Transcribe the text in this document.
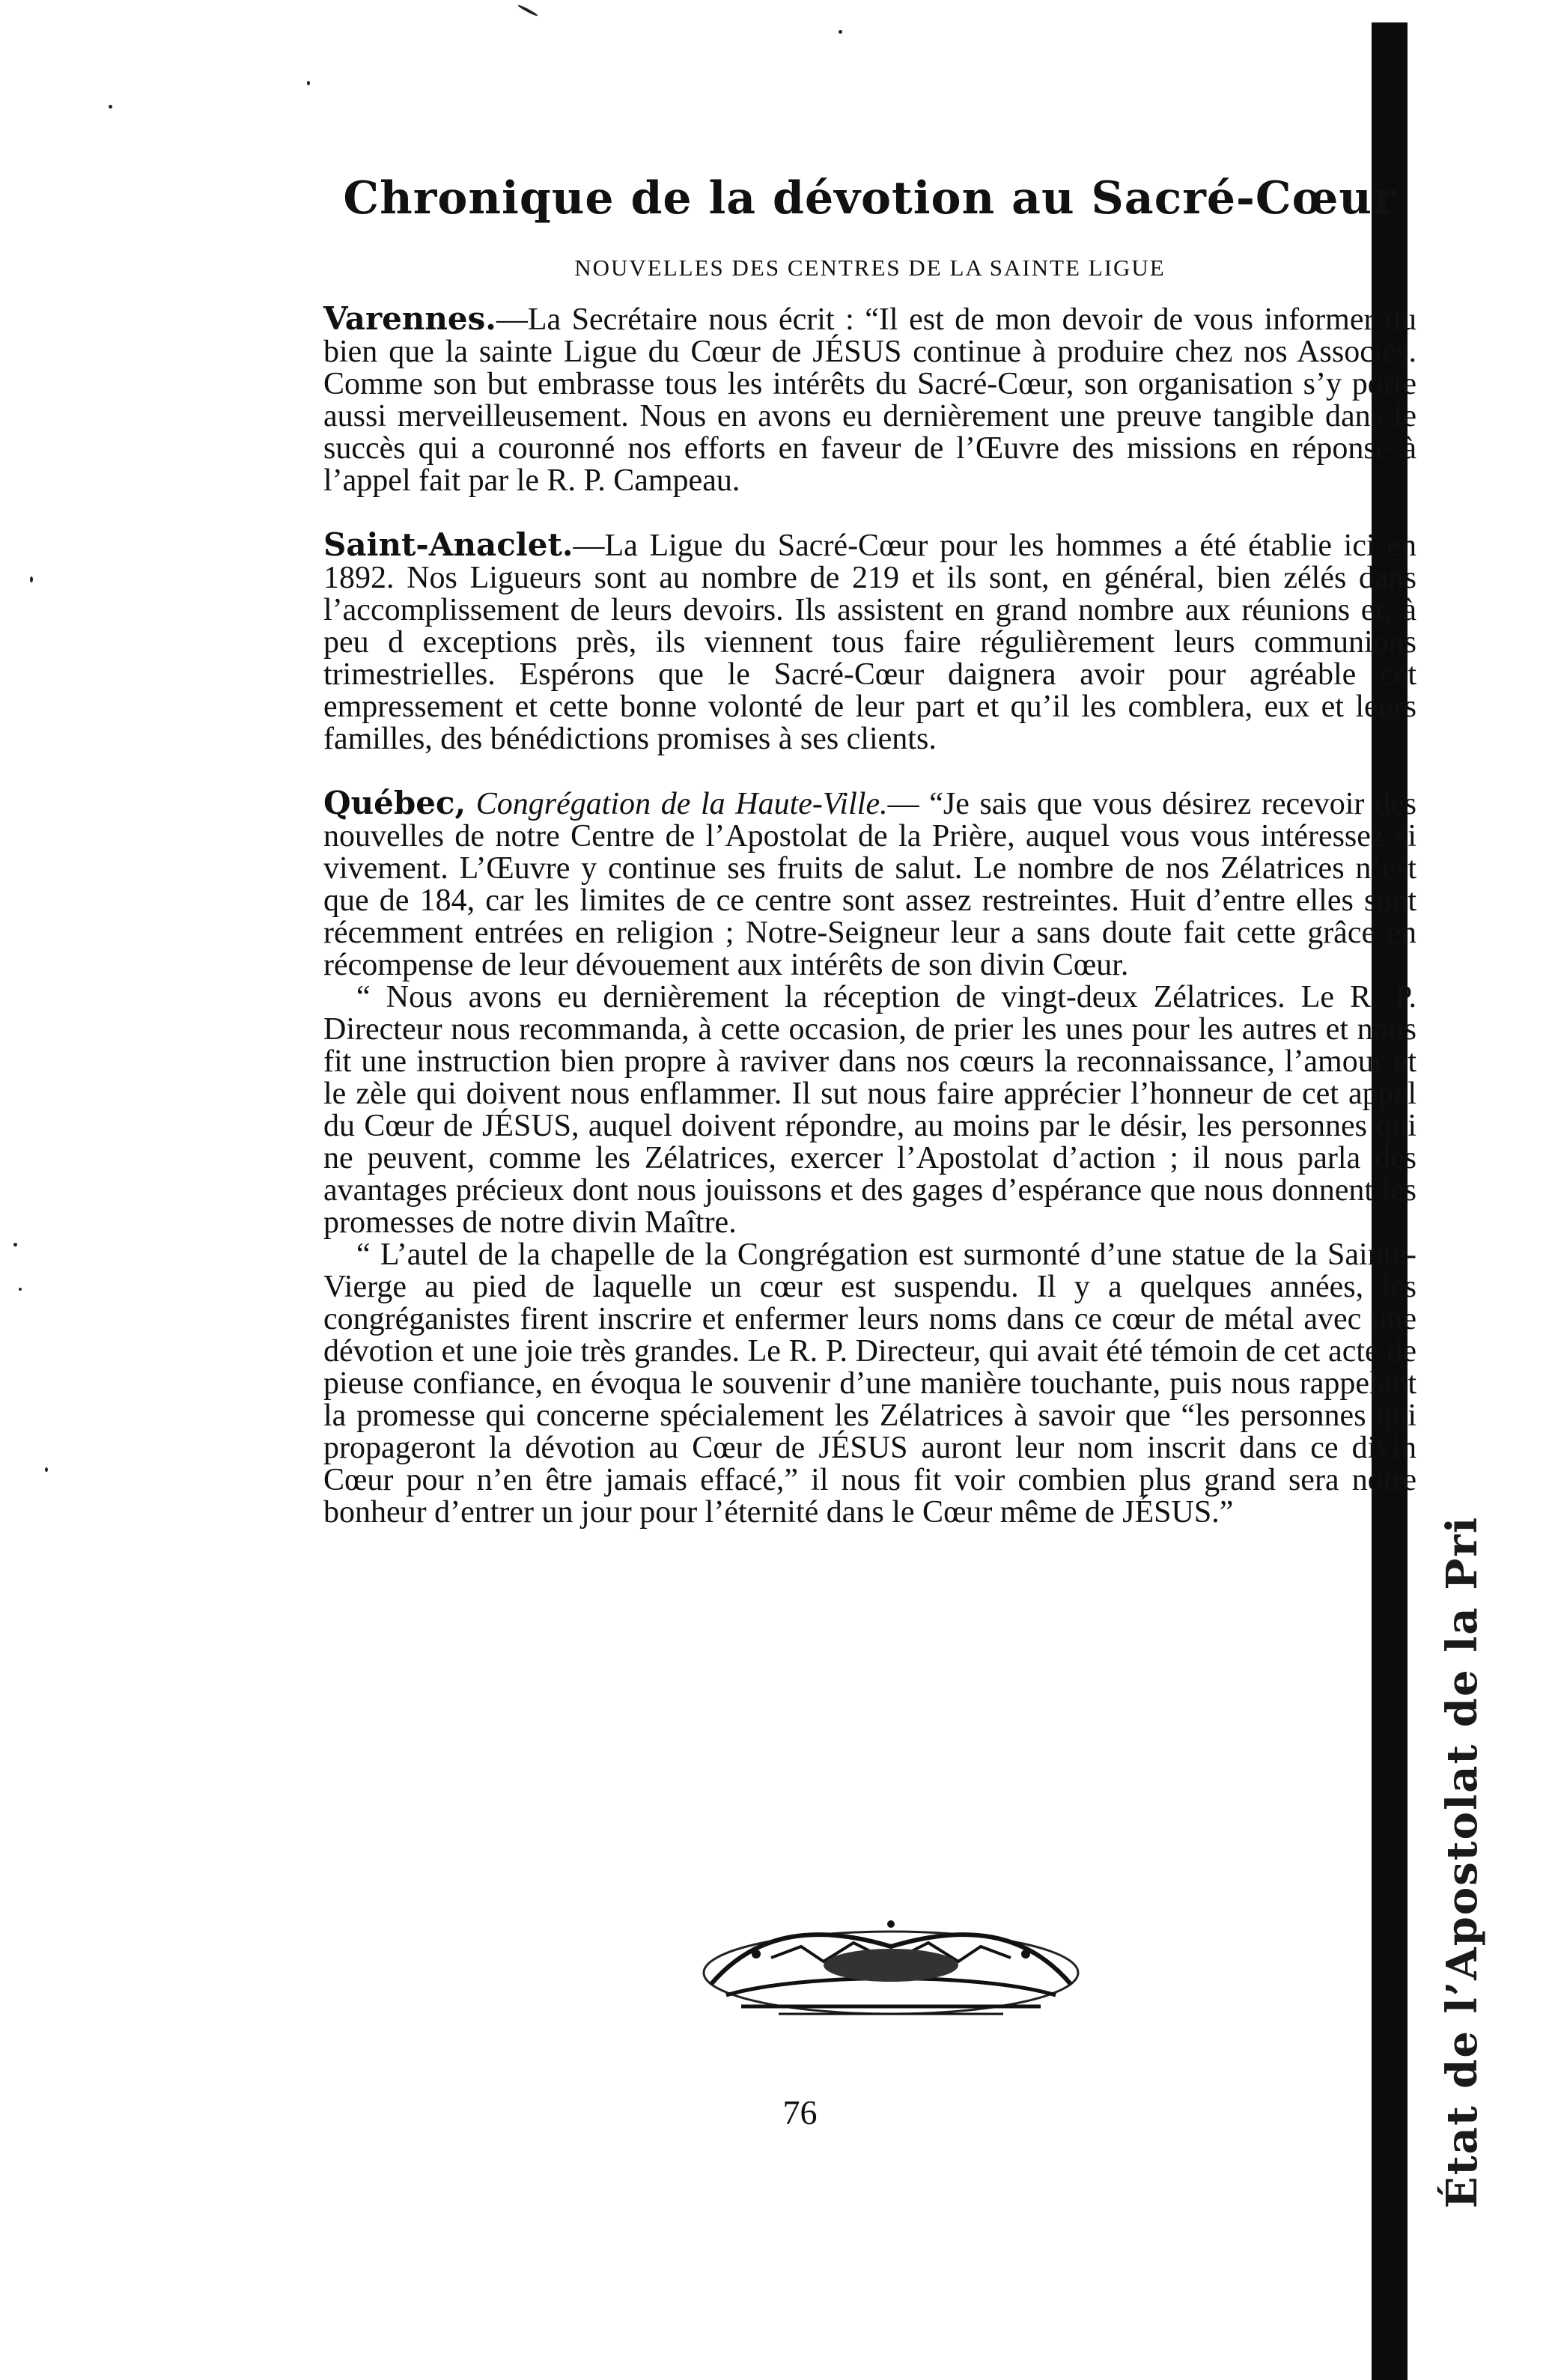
État de l’Apostolat de la Pri
Chronique de la dévotion au Sacré-Cœur
NOUVELLES DES CENTRES DE LA SAINTE LIGUE

Varennes.—La Secrétaire nous écrit : “Il est de mon devoir de vous informer du bien que la sainte Ligue du Cœur de JÉSUS continue à produire chez nos Associés. Comme son but embrasse tous les intérêts du Sacré-Cœur, son organisation s’y porte aussi merveilleusement. Nous en avons eu dernièrement une preuve tangible dans le succès qui a couronné nos efforts en faveur de l’Œuvre des missions en réponse à l’appel fait par le R. P. Campeau.

Saint-Anaclet.—La Ligue du Sacré-Cœur pour les hommes a été établie ici en 1892. Nos Ligueurs sont au nombre de 219 et ils sont, en général, bien zélés dans l’accomplissement de leurs devoirs. Ils assistent en grand nombre aux réunions et, à peu d exceptions près, ils viennent tous faire régulièrement leurs communions trimestrielles. Espérons que le Sacré-Cœur daignera avoir pour agréable cet empressement et cette bonne volonté de leur part et qu’il les comblera, eux et leurs familles, des bénédictions promises à ses clients.

Québec, Congrégation de la Haute-Ville.— “Je sais que vous désirez recevoir des nouvelles de notre Centre de l’Apostolat de la Prière, auquel vous vous intéressez si vivement. L’Œuvre y continue ses fruits de salut. Le nombre de nos Zélatrices n’est que de 184, car les limites de ce centre sont assez restreintes. Huit d’entre elles sont récemment entrées en religion ; Notre-Seigneur leur a sans doute fait cette grâce en récompense de leur dévouement aux intérêts de son divin Cœur.

“ Nous avons eu dernièrement la réception de vingt-deux Zélatrices. Le R. P. Directeur nous recommanda, à cette occasion, de prier les unes pour les autres et nous fit une instruction bien propre à raviver dans nos cœurs la reconnaissance, l’amour et le zèle qui doivent nous enflammer. Il sut nous faire apprécier l’honneur de cet appel du Cœur de JÉSUS, auquel doivent répondre, au moins par le désir, les personnes qui ne peuvent, comme les Zélatrices, exercer l’Apostolat d’action ; il nous parla des avantages précieux dont nous jouissons et des gages d’espérance que nous donnent les promesses de notre divin Maître.

“ L’autel de la chapelle de la Congrégation est surmonté d’une statue de la Sainte-Vierge au pied de laquelle un cœur est suspendu. Il y a quelques années, les congréganistes firent inscrire et enfermer leurs noms dans ce cœur de métal avec une dévotion et une joie très grandes. Le R. P. Directeur, qui avait été témoin de cet acte de pieuse confiance, en évoqua le souvenir d’une manière touchante, puis nous rappelant la promesse qui concerne spécialement les Zélatrices à savoir que “les personnes qui propageront la dévotion au Cœur de JÉSUS auront leur nom inscrit dans ce divin Cœur pour n’en être jamais effacé,” il nous fit voir combien plus grand sera notre bonheur d’entrer un jour pour l’éternité dans le Cœur même de JÉSUS.”

76
